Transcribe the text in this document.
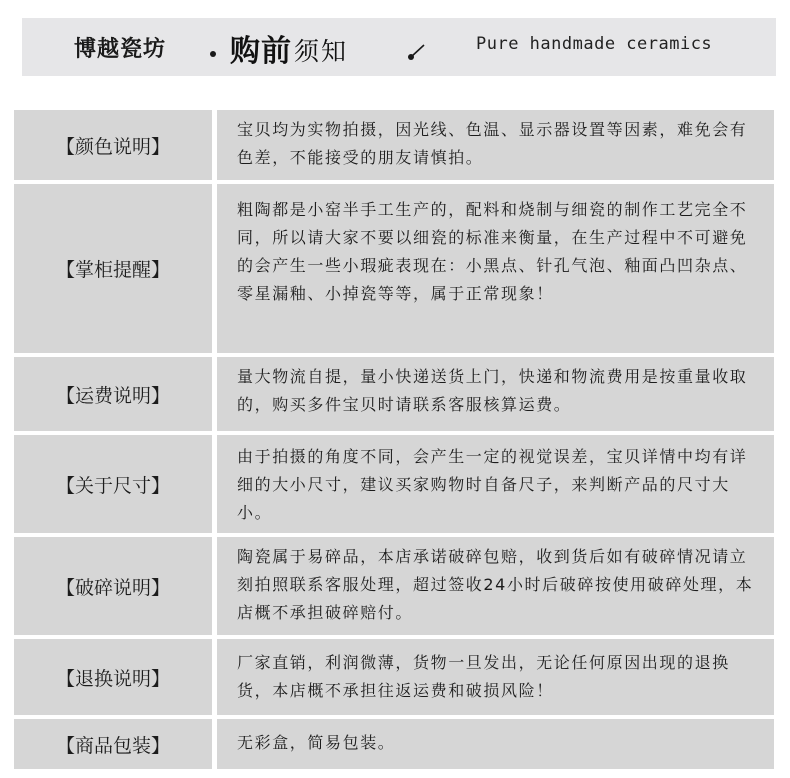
博越瓷坊 购前 须知	Pure handmade ceramics
【颜色说明】
宝贝均为实物拍摄，因光线、色温、显示器设置等因素，难免会有色差，不能接受的朋友请慎拍。
【掌柜提醒】
粗陶都是小窑半手工生产的，配料和烧制与细瓷的制作工艺完全不同，所以请大家不要以细瓷的标准来衡量，在生产过程中不可避免的会产生一些小瑕疵表现在：小黑点、针孔气泡、釉面凸凹杂点、零星漏釉、小掉瓷等等，属于正常现象！
【运费说明】
量大物流自提，量小快递送货上门，快递和物流费用是按重量收取的，购买多件宝贝时请联系客服核算运费。
【关于尺寸】
由于拍摄的角度不同，会产生一定的视觉误差，宝贝详情中均有详细的大小尺寸，建议买家购物时自备尺子，来判断产品的尺寸大小。
【破碎说明】
陶瓷属于易碎品，本店承诺破碎包赔，收到货后如有破碎情况请立刻拍照联系客服处理，超过签收24小时后破碎按使用破碎处理，本店概不承担破碎赔付。
【退换说明】
厂家直销，利润微薄，货物一旦发出，无论任何原因出现的退换货，本店概不承担往返运费和破损风险！
【商品包装】	无彩盒，简易包装。
